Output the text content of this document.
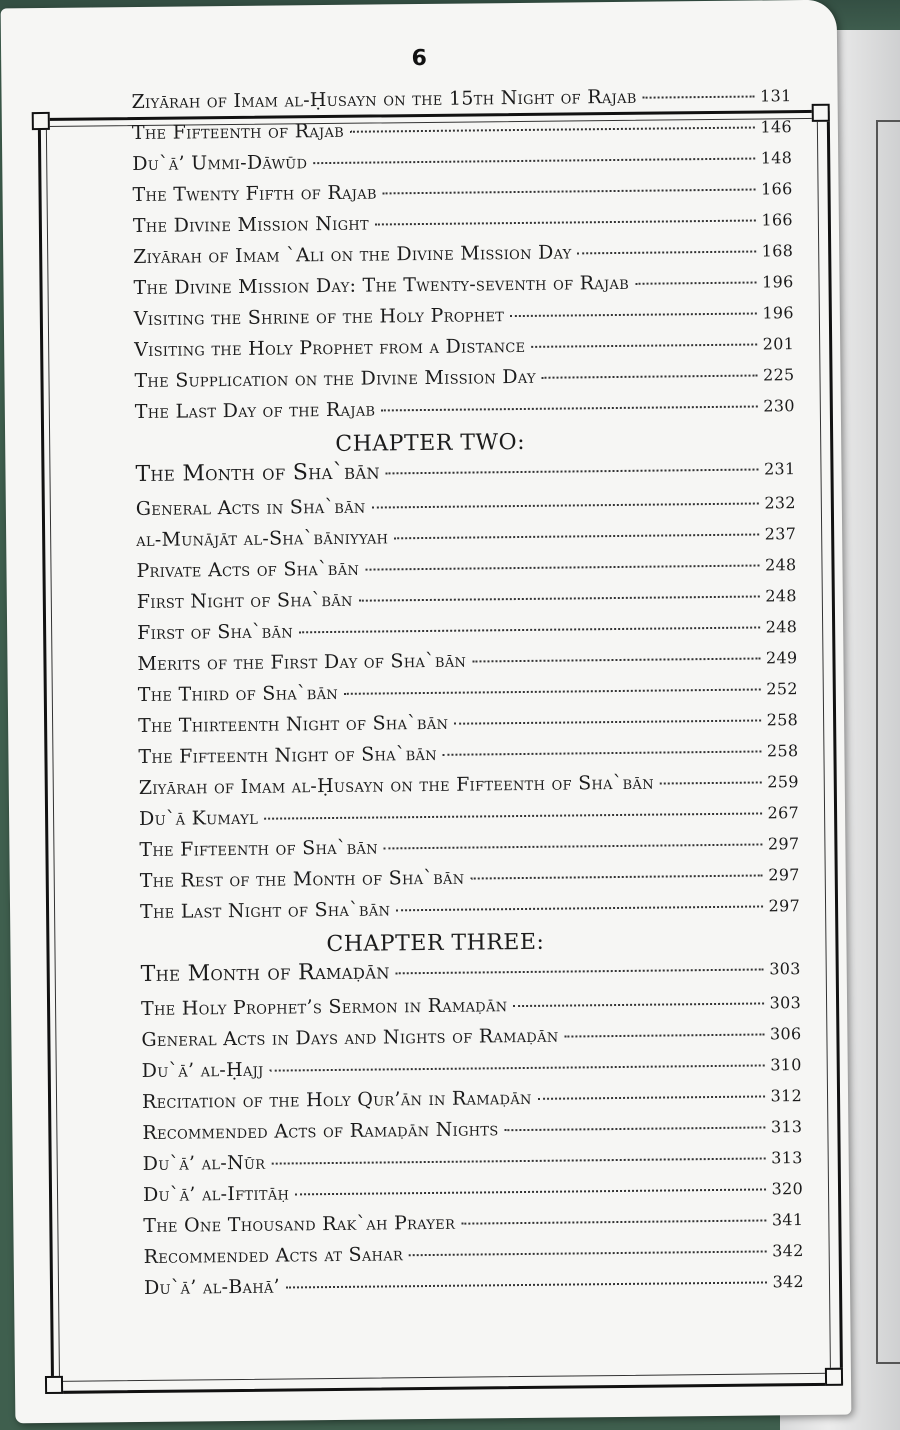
6
Ziyārah of Imam al-Ḥusayn on the 15th Night of Rajab	131
The Fifteenth of Rajab	146
Du`ā’ Ummi-Dāwūd	148
The Twenty Fifth of Rajab	166
The Divine Mission Night	166
Ziyārah of Imam `Ali on the Divine Mission Day	168
The Divine Mission Day: The Twenty-seventh of Rajab	196
Visiting the Shrine of the Holy Prophet	196
Visiting the Holy Prophet from a Distance	201
The Supplication on the Divine Mission Day	225
The Last Day of the Rajab	230
CHAPTER TWO:
The Month of Sha`bān	231
General Acts in Sha`bān	232
al-Munājāt al-Sha`bāniyyah	237
Private Acts of Sha`bān	248
First Night of Sha`bān	248
First of Sha`bān	248
Merits of the First Day of Sha`bān	249
The Third of Sha`bān	252
The Thirteenth Night of Sha`bān	258
The Fifteenth Night of Sha`bān	258
Ziyārah of Imam al-Ḥusayn on the Fifteenth of Sha`bān	259
Du`ā Kumayl	267
The Fifteenth of Sha`bān	297
The Rest of the Month of Sha`bān	297
The Last Night of Sha`bān	297
CHAPTER THREE:
The Month of Ramaḍān	303
The Holy Prophet’s Sermon in Ramaḍān	303
General Acts in Days and Nights of Ramaḍān	306
Du`ā’ al-Ḥajj	310
Recitation of the Holy Qur’ān in Ramaḍān	312
Recommended Acts of Ramaḍān Nights	313
Du`ā’ al-Nūr	313
Du`ā’ al-Iftitāḥ	320
The One Thousand Rak`ah Prayer	341
Recommended Acts at Sahar	342
Du`ā’ al-Bahā’	342
